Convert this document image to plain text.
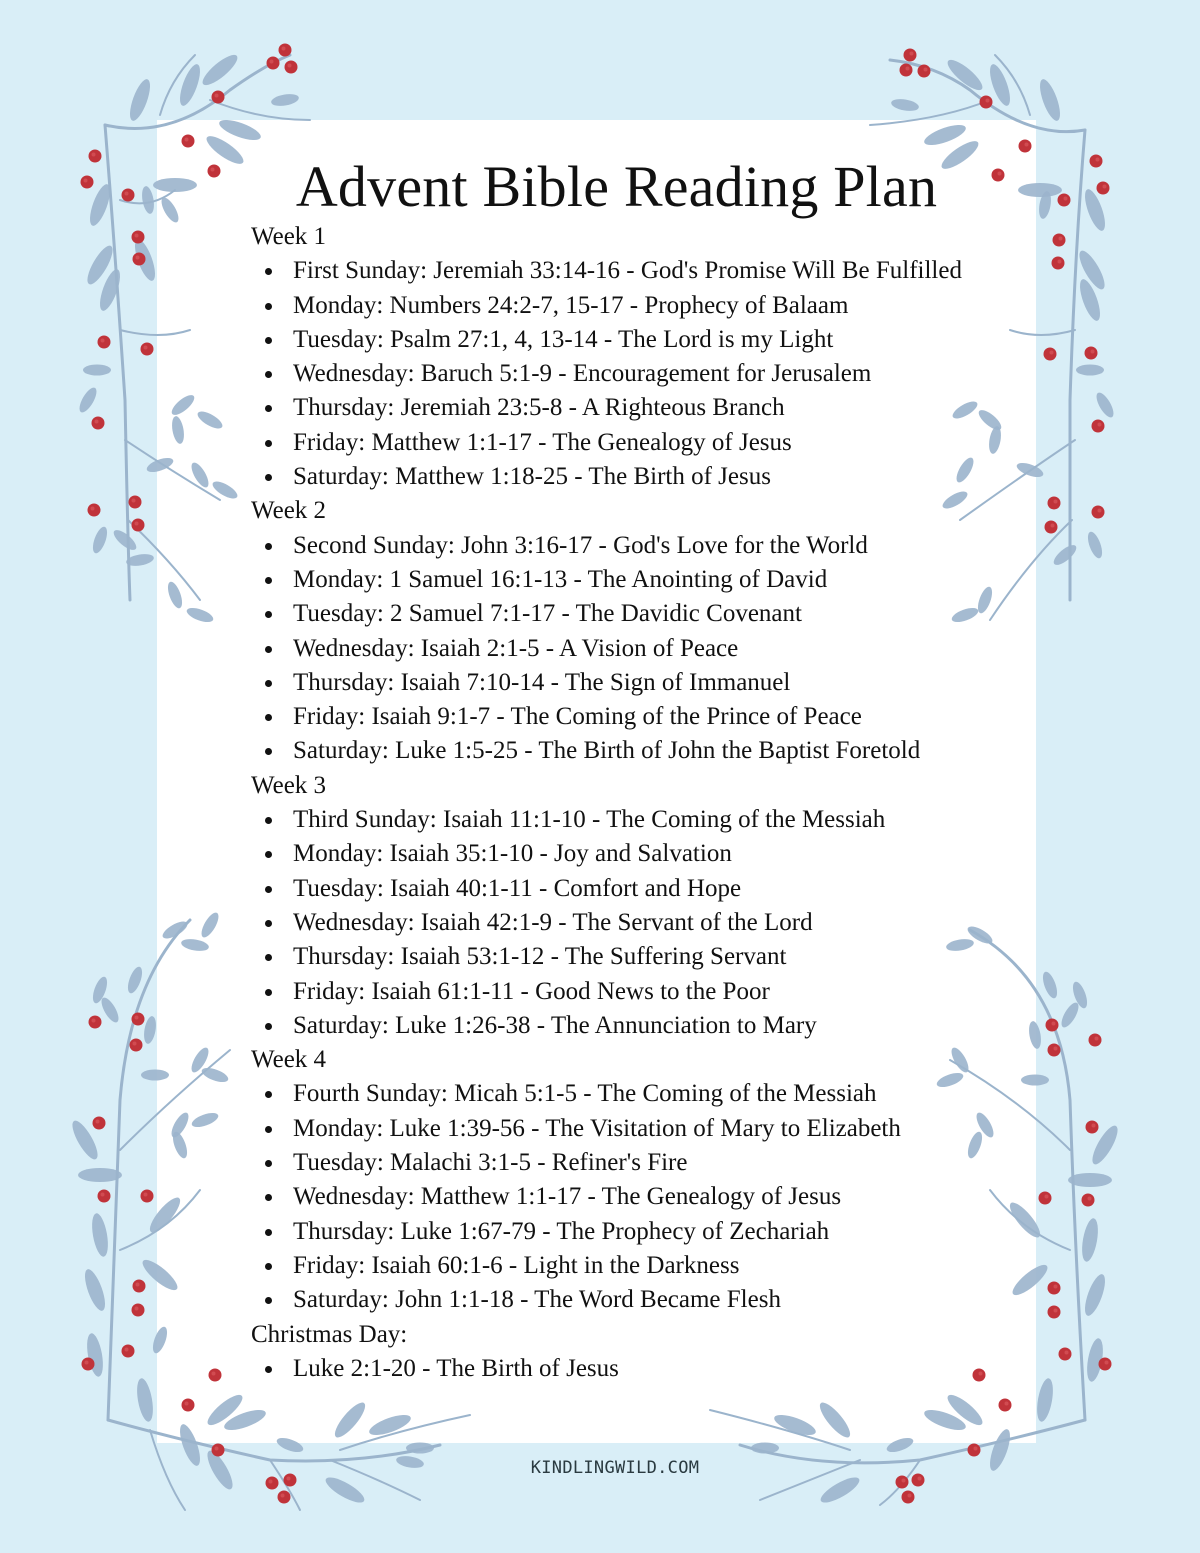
Advent Bible Reading Plan
Week 1
First Sunday: Jeremiah 33:14-16 - God's Promise Will Be Fulfilled
Monday: Numbers 24:2-7, 15-17 - Prophecy of Balaam
Tuesday: Psalm 27:1, 4, 13-14 - The Lord is my Light
Wednesday: Baruch 5:1-9 - Encouragement for Jerusalem
Thursday: Jeremiah 23:5-8 - A Righteous Branch
Friday: Matthew 1:1-17 - The Genealogy of Jesus
Saturday: Matthew 1:18-25 - The Birth of Jesus
Week 2
Second Sunday: John 3:16-17 - God's Love for the World
Monday: 1 Samuel 16:1-13 - The Anointing of David
Tuesday: 2 Samuel 7:1-17 - The Davidic Covenant
Wednesday: Isaiah 2:1-5 - A Vision of Peace
Thursday: Isaiah 7:10-14 - The Sign of Immanuel
Friday: Isaiah 9:1-7 - The Coming of the Prince of Peace
Saturday: Luke 1:5-25 - The Birth of John the Baptist Foretold
Week 3
Third Sunday: Isaiah 11:1-10 - The Coming of the Messiah
Monday: Isaiah 35:1-10 - Joy and Salvation
Tuesday: Isaiah 40:1-11 - Comfort and Hope
Wednesday: Isaiah 42:1-9 - The Servant of the Lord
Thursday: Isaiah 53:1-12 - The Suffering Servant
Friday: Isaiah 61:1-11 - Good News to the Poor
Saturday: Luke 1:26-38 - The Annunciation to Mary
Week 4
Fourth Sunday: Micah 5:1-5 - The Coming of the Messiah
Monday: Luke 1:39-56 - The Visitation of Mary to Elizabeth
Tuesday: Malachi 3:1-5 - Refiner's Fire
Wednesday: Matthew 1:1-17 - The Genealogy of Jesus
Thursday: Luke 1:67-79 - The Prophecy of Zechariah
Friday: Isaiah 60:1-6 - Light in the Darkness
Saturday: John 1:1-18 - The Word Became Flesh
Christmas Day:
Luke 2:1-20 - The Birth of Jesus
KINDLINGWILD.COM
